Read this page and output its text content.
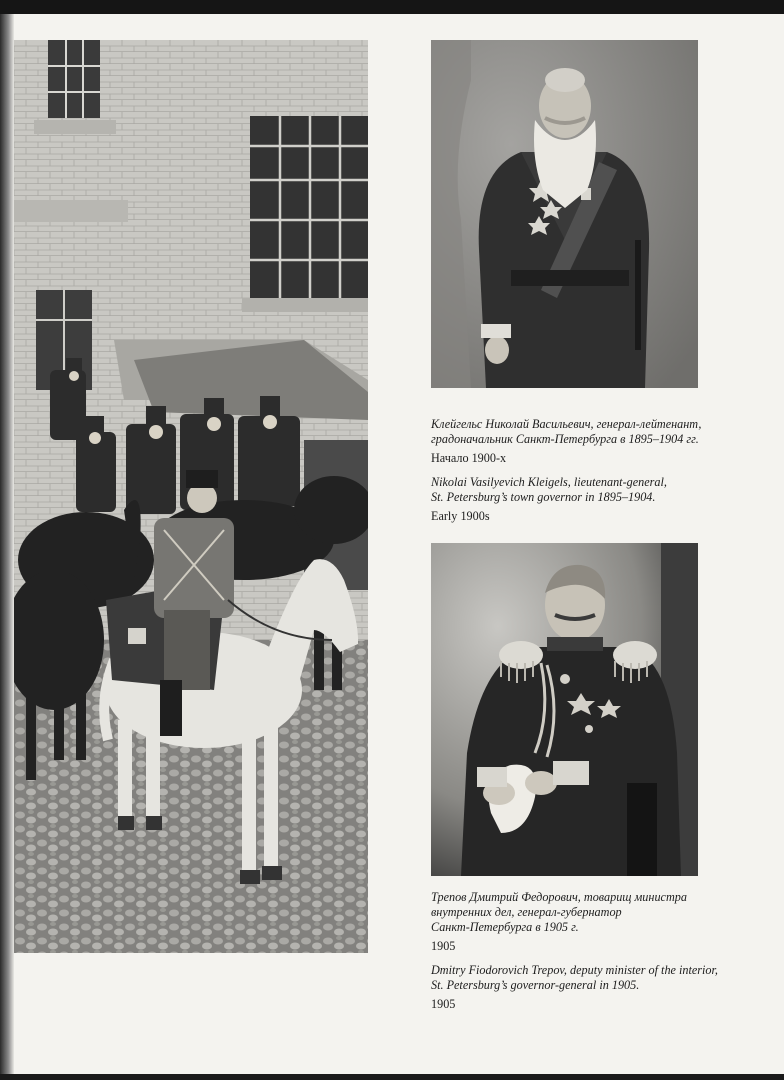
Клейгельс Николай Васильевич, генерал-лейтенант,
градоначальник Санкт-Петербурга в 1895–1904 гг.
Начало 1900-х
Nikolai Vasilyevich Kleigels, lieutenant-general,
St. Petersburg’s town governor in 1895–1904.
Early 1900s
Трепов Дмитрий Федорович, товарищ министра
внутренних дел, генерал-губернатор
Санкт-Петербурга в 1905 г.
1905
Dmitry Fiodorovich Trepov, deputy minister of the interior,
St. Petersburg’s governor-general in 1905.
1905
